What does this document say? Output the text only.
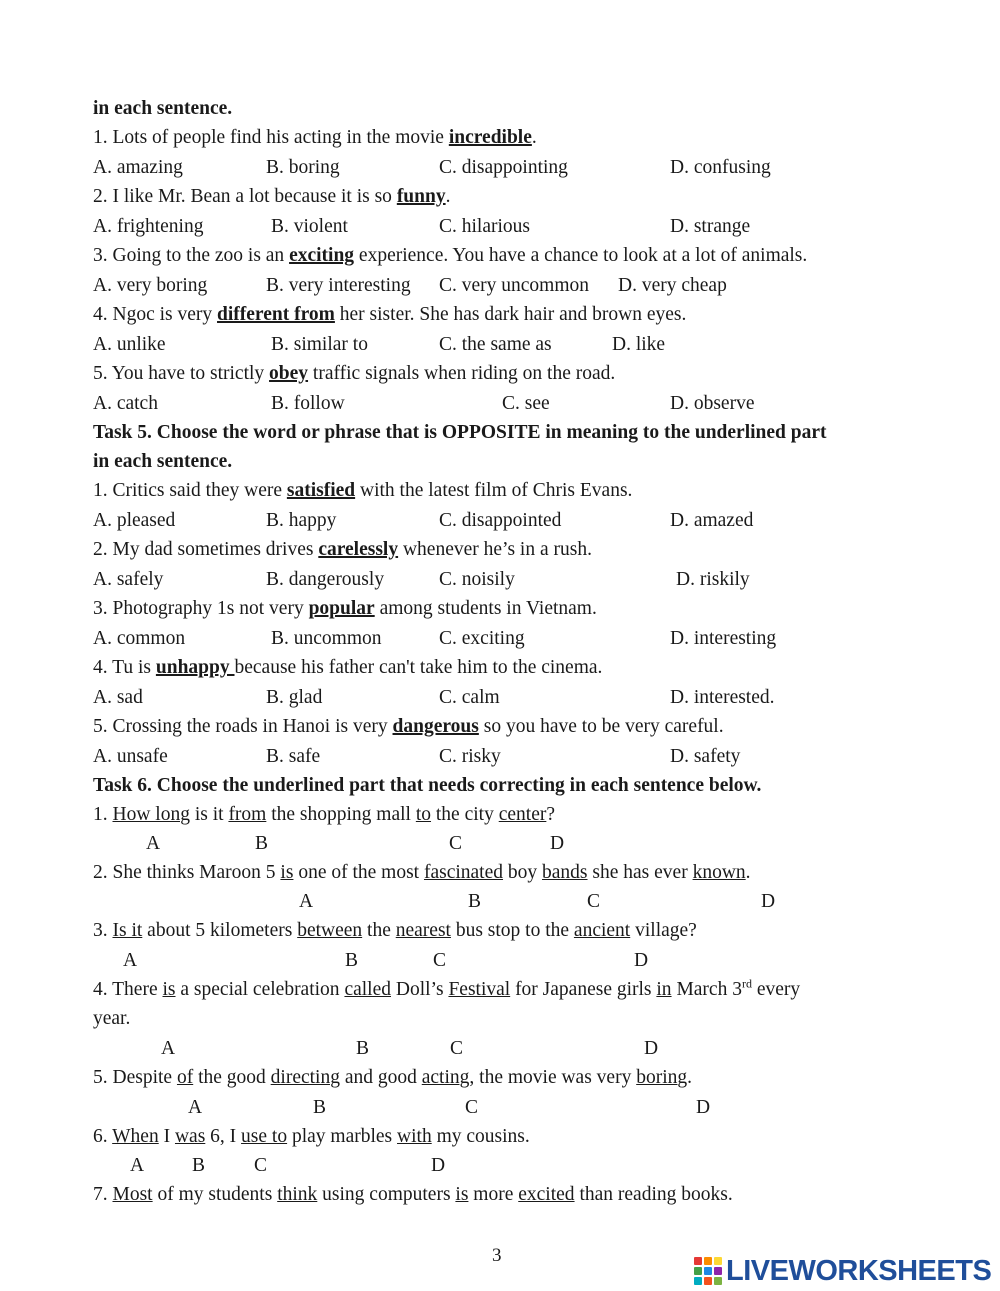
in each sentence.
1. Lots of people find his acting in the movie incredible.
A. amazing	B. boring	C. disappointing	D. confusing
2. I like Mr. Bean a lot because it is so funny.
A. frightening	B. violent	C. hilarious	D. strange
3. Going to the zoo is an exciting experience. You have a chance to look at a lot of animals.
A. very boring	B. very interesting C. very uncommon D. very cheap
4. Ngoc is very different from her sister. She has dark hair and brown eyes.
A. unlike	B. similar to	C. the same as	D. like
5. You have to strictly obey traffic signals when riding on the road.
A. catch	B. follow	C. see	D. observe
Task 5. Choose the word or phrase that is OPPOSITE in meaning to the underlined part
in each sentence.
1. Critics said they were satisfied with the latest film of Chris Evans.
A. pleased	B. happy	C. disappointed	D. amazed
2. My dad sometimes drives carelessly whenever he’s in a rush.
A. safely	B. dangerously	C. noisily	D. riskily
3. Photography 1s not very popular among students in Vietnam.
A. common	B. uncommon	C. exciting	D. interesting
4. Tu is unhappy because his father can't take him to the cinema.
A. sad	B. glad	C. calm	D. interested.
5. Crossing the roads in Hanoi is very dangerous so you have to be very careful.
A. unsafe	B. safe	C. risky	D. safety
Task 6. Choose the underlined part that needs correcting in each sentence below.
1. How long is it from the shopping mall to the city center?
A	B	C	D
2. She thinks Maroon 5 is one of the most fascinated boy bands she has ever known.
A	B	C	D
3. Is it about 5 kilometers between the nearest bus stop to the ancient village?
A	B	C	D
4. There is a special celebration called Doll’s Festival for Japanese girls in March 3rd every
year.
A	B	C	D
5. Despite of the good directing and good acting, the movie was very boring.
A	B	C	D
6. When I was 6, I use to play marbles with my cousins.
A B	C	D
7. Most of my students think using computers is more excited than reading books.
3	LIVEWORKSHEETS
